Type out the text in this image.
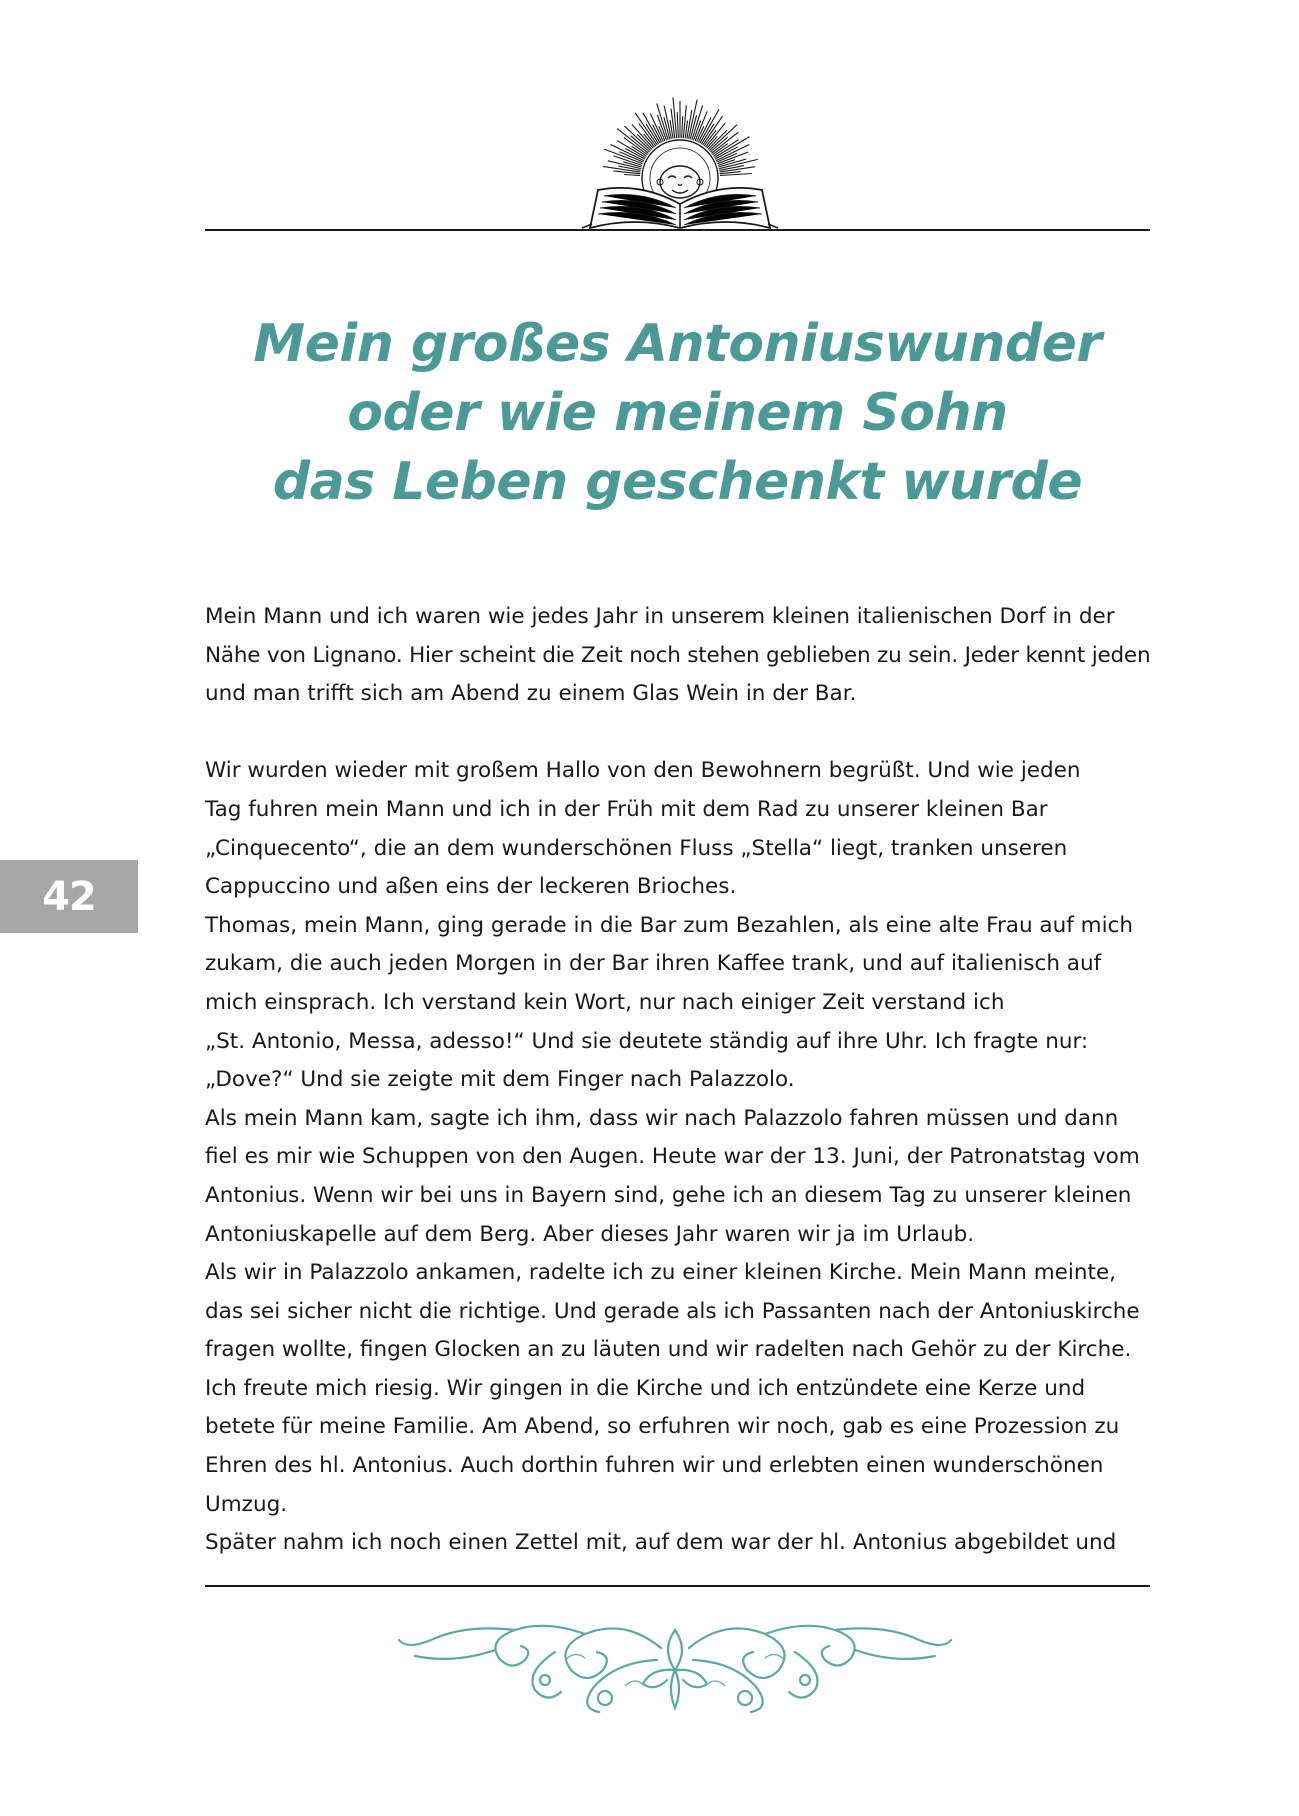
Mein großes Antoniuswunder
oder wie meinem Sohn
das Leben geschenkt wurde
Mein Mann und ich waren wie jedes Jahr in unserem kleinen italienischen Dorf in der
Nähe von Lignano. Hier scheint die Zeit noch stehen geblieben zu sein. Jeder kennt jeden
und man trifft sich am Abend zu einem Glas Wein in der Bar.
Wir wurden wieder mit großem Hallo von den Bewohnern begrüßt. Und wie jeden
Tag fuhren mein Mann und ich in der Früh mit dem Rad zu unserer kleinen Bar
„Cinquecento“, die an dem wunderschönen Fluss „Stella“ liegt, tranken unseren
Cappuccino und aßen eins der leckeren Brioches.
Thomas, mein Mann, ging gerade in die Bar zum Bezahlen, als eine alte Frau auf mich
zukam, die auch jeden Morgen in der Bar ihren Kaffee trank, und auf italienisch auf
mich einsprach. Ich verstand kein Wort, nur nach einiger Zeit verstand ich
„St. Antonio, Messa, adesso!“ Und sie deutete ständig auf ihre Uhr. Ich fragte nur:
„Dove?“ Und sie zeigte mit dem Finger nach Palazzolo.
Als mein Mann kam, sagte ich ihm, dass wir nach Palazzolo fahren müssen und dann
fiel es mir wie Schuppen von den Augen. Heute war der 13. Juni, der Patronatstag vom
Antonius. Wenn wir bei uns in Bayern sind, gehe ich an diesem Tag zu unserer kleinen
Antoniuskapelle auf dem Berg. Aber dieses Jahr waren wir ja im Urlaub.
Als wir in Palazzolo ankamen, radelte ich zu einer kleinen Kirche. Mein Mann meinte,
das sei sicher nicht die richtige. Und gerade als ich Passanten nach der Antoniuskirche
fragen wollte, fingen Glocken an zu läuten und wir radelten nach Gehör zu der Kirche.
Ich freute mich riesig. Wir gingen in die Kirche und ich entzündete eine Kerze und
betete für meine Familie. Am Abend, so erfuhren wir noch, gab es eine Prozession zu
Ehren des hl. Antonius. Auch dorthin fuhren wir und erlebten einen wunderschönen
Umzug.
Später nahm ich noch einen Zettel mit, auf dem war der hl. Antonius abgebildet und
42
